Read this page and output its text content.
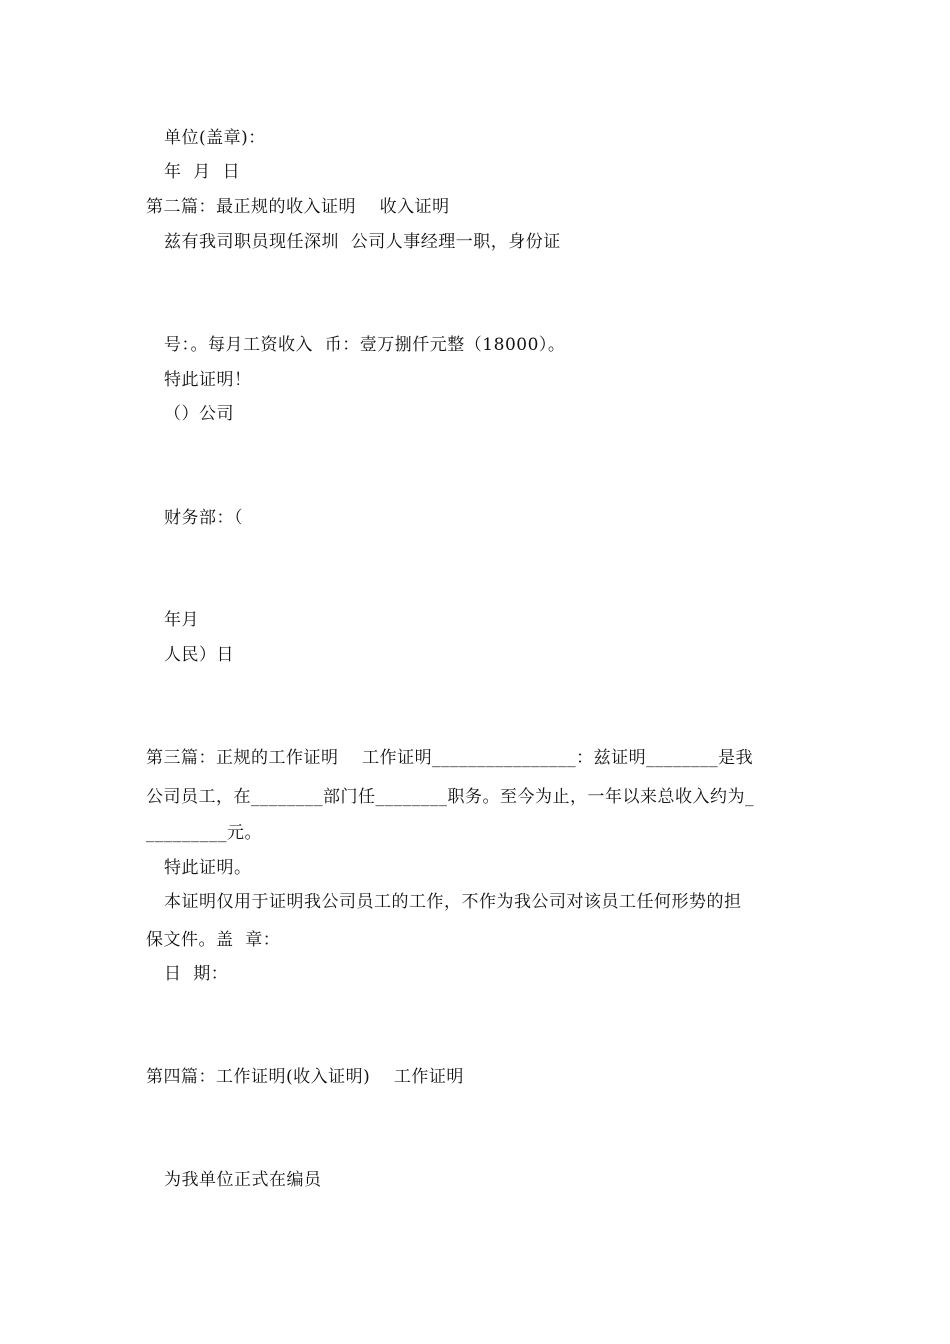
单位(盖章)：
年  月  日
第二篇：最正规的收入证明    收入证明
兹有我司职员现任深圳  公司人事经理一职，身份证
号：。每月工资收入  币：壹万捌仟元整（18000）。
特此证明！
（）公司
财务部：（
年月
人民）日
第三篇：正规的工作证明    工作证明________________：兹证明________是我
公司员工，在________部门任________职务。至今为止，一年以来总收入约为_
_________元。
特此证明。
本证明仅用于证明我公司员工的工作，不作为我公司对该员工任何形势的担
保文件。盖  章：
日  期：
第四篇：工作证明(收入证明)    工作证明
为我单位正式在编员
